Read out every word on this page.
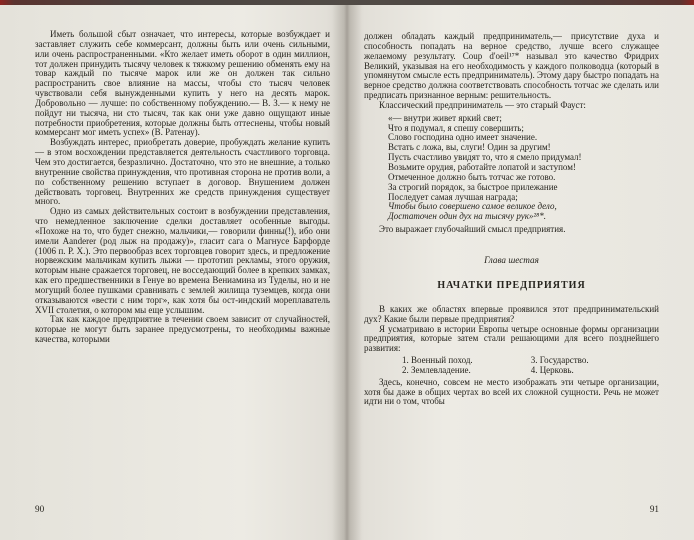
Иметь большой сбыт означает, что интересы, которые возбуждает и заставляет служить себе коммерсант, должны быть или очень сильными, или очень распространенными. «Кто желает иметь оборот в один миллион, тот должен принудить тысячу человек к тяжкому решению обменять ему на товар каждый по тысяче марок или же он должен так сильно распространить свое влияние на массы, чтобы сто тысяч человек чувствовали себя вынужденными купить у него на десять марок. Добровольно — лучше: по собственному побуждению.— В. З.— к нему не пойдут ни тысяча, ни сто тысяч, так как они уже давно ощущают иные потребности приобретения, которые должны быть оттеснены, чтобы новый коммерсант мог иметь успех» (В. Ратенау).

Возбуждать интерес, приобретать доверие, пробуждать желание купить — в этом восхождении представляется деятельность счастливого торговца. Чем это достигается, безразлично. Достаточно, что это не внешние, а только внутренние свойства принуждения, что противная сторона не против воли, а по собственному решению вступает в договор. Внушением должен действовать торговец. Внутренних же средств принуждения существует много.

Одно из самых действительных состоит в возбуждении представления, что немедленное заключение сделки доставляет особенные выгоды. «Похоже на то, что будет снежно, мальчики,— говорили финны(!), ибо они имели Aanderer (род лыж на продажу)», гласит сага о Магнусе Барфорде (1006 п. Р. Х.). Это первообраз всех торговцев говорит здесь, и предложение норвежским мальчикам купить лыжи — прототип рекламы, этого оружия, которым ныне сражается торговец, не восседающий более в крепких замках, как его предшественники в Генуе во времена Вениамина из Туделы, но и не могущий более пушками сравнивать с землей жилища туземцев, когда они отказываются «вести с ним торг», как хотя бы ост-индский мореплаватель XVII столетия, о котором мы еще услышим.

Так как каждое предприятие в течении своем зависит от случайностей, которые не могут быть заранее предусмотрены, то необходимы важные качества, которыми

90

должен обладать каждый предприниматель,— присутствие духа и способность попадать на верное средство, лучше всего служащее желаемому результату. Coup d'oeil¹⁷* называл это качество Фридрих Великий, указывая на его необходимость у каждого полководца (который в упомянутом смысле есть предприниматель). Этому дару быстро попадать на верное средство должна соответствовать способность тотчас же сделать или предписать признанное верным: решительность.

Классический предприниматель — это старый Фауст:

«— внутри живет яркий свет;
Что я подумал, я спешу совершить;
Слово господина одно имеет значение.
Встать с ложа, вы, слуги! Один за другим!
Пусть счастливо увидят то, что я смело придумал!
Возьмите орудия, работайте лопатой и заступом!
Отмеченное должно быть тотчас же готово.
За строгий порядок, за быстрое прилежание
Последует самая лучшая награда;
Чтобы было совершено самое великое дело,
Достаточен один дух на тысячу рук»²⁸*.

Это выражает глубочайший смысл предприятия.

Глава шестая
НАЧАТКИ ПРЕДПРИЯТИЯ

В каких же областях впервые проявился этот предпринимательский дух? Какие были первые предприятия?

Я усматриваю в истории Европы четыре основные формы организации предприятия, которые затем стали решающими для всего позднейшего развития:

1. Военный поход.
2. Землевладение.
3. Государство.
4. Церковь.

Здесь, конечно, совсем не место изображать эти четыре организации, хотя бы даже в общих чертах во всей их сложной сущности. Речь не может идти ни о том, чтобы

91
